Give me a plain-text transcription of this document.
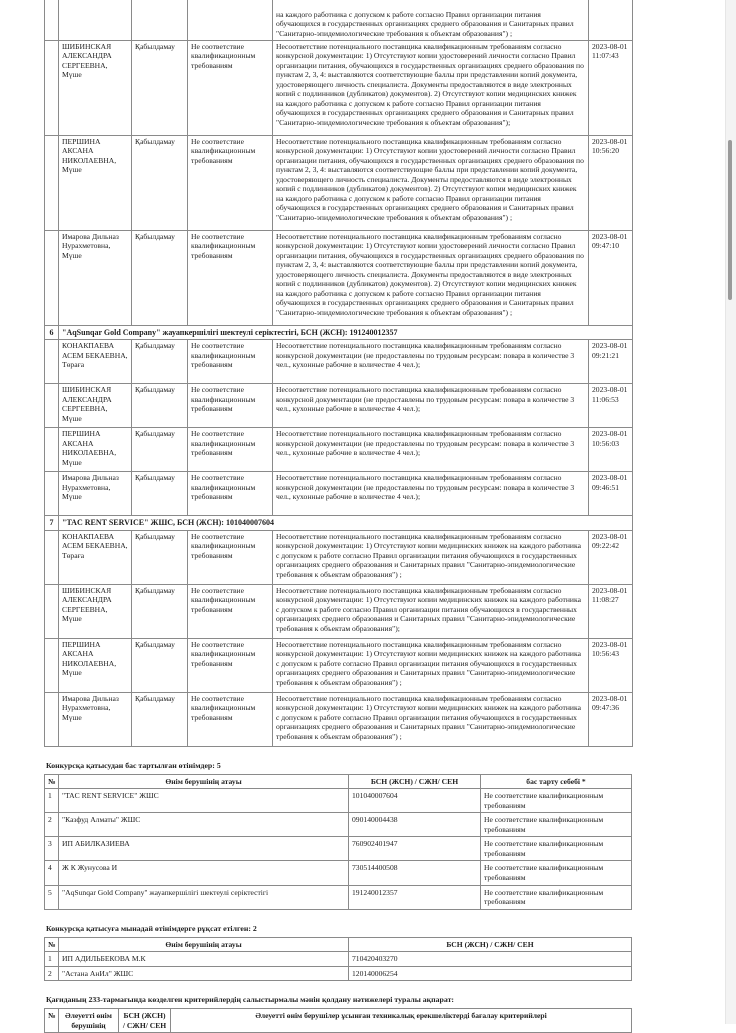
				на каждого работника с допуском к работе согласно Правил организации питания обучающихся в государственных организациях среднего образования и Санитарных правил "Санитарно-эпидемиологические требования к объектам образования") ;	
	ШИБИНСКАЯ АЛЕКСАНДРА СЕРГЕЕВНА, Мүше	Қабылдамау	Не соответствие квалификационным требованиям	Несоответствие потенциального поставщика квалификационным требованиям согласно конкурсной документации: 1) Отсутствуют копии удостоверений личности согласно Правил организации питания, обучающихся в государственных организациях среднего образования по пунктам 2, 3, 4: выставляются соответствующие баллы при представлении копий документа, удостоверяющего личность специалиста. Документы предоставляются в виде электронных копий с подлинников (дубликатов) документов). 2) Отсутствуют копии медицинских книжек на каждого работника с допуском к работе согласно Правил организации питания обучающихся в государственных организациях среднего образования и Санитарных правил "Санитарно-эпидемиологические требования к объектам образования");	2023-08-01 11:07:43
	ПЕРШИНА АКСАНА НИКОЛАЕВНА, Мүше	Қабылдамау	Не соответствие квалификационным требованиям	Несоответствие потенциального поставщика квалификационным требованиям согласно конкурсной документации: 1) Отсутствуют копии удостоверений личности согласно Правил организации питания, обучающихся в государственных организациях среднего образования по пунктам 2, 3, 4: выставляются соответствующие баллы при представлении копий документа, удостоверяющего личность специалиста. Документы предоставляются в виде электронных копий с подлинников (дубликатов) документов). 2) Отсутствуют копии медицинских книжек на каждого работника с допуском к работе согласно Правил организации питания обучающихся в государственных организациях среднего образования и Санитарных правил "Санитарно-эпидемиологические требования к объектам образования") ;	2023-08-01 10:56:20
	Имарова Дильназ Нурахметовна, Мүше	Қабылдамау	Не соответствие квалификационным требованиям	Несоответствие потенциального поставщика квалификационным требованиям согласно конкурсной документации: 1) Отсутствуют копии удостоверений личности согласно Правил организации питания, обучающихся в государственных организациях среднего образования по пунктам 2, 3, 4: выставляются соответствующие баллы при представлении копий документа, удостоверяющего личность специалиста. Документы предоставляются в виде электронных копий с подлинников (дубликатов) документов). 2) Отсутствуют копии медицинских книжек на каждого работника с допуском к работе согласно Правил организации питания обучающихся в государственных организациях среднего образования и Санитарных правил "Санитарно-эпидемиологические требования к объектам образования") ;	2023-08-01 09:47:10
6	"AqSunqar Gold Company" жауапкершілігі шектеулі серіктестігі, БСН (ЖСН): 191240012357				
	КОНАКПАЕВА АСЕМ БЕКАЕВНА, Төрағa	Қабылдамау	Не соответствие квалификационным требованиям	Несоответствие потенциального поставщика квалификационным требованиям согласно конкурсной документации (не предоставлены по трудовым ресурсам: повара в количестве 3 чел., кухонные рабочие в количестве 4 чел.);	2023-08-01 09:21:21
	ШИБИНСКАЯ АЛЕКСАНДРА СЕРГЕЕВНА, Мүше	Қабылдамау	Не соответствие квалификационным требованиям	Несоответствие потенциального поставщика квалификационным требованиям согласно конкурсной документации (не предоставлены по трудовым ресурсам: повара в количестве 3 чел., кухонные рабочие в количестве 4 чел.);	2023-08-01 11:06:53
	ПЕРШИНА АКСАНА НИКОЛАЕВНА, Мүше	Қабылдамау	Не соответствие квалификационным требованиям	Несоответствие потенциального поставщика квалификационным требованиям согласно конкурсной документации (не предоставлены по трудовым ресурсам: повара в количестве 3 чел., кухонные рабочие в количестве 4 чел.);	2023-08-01 10:56:03
	Имарова Дильназ Нурахметовна, Мүше	Қабылдамау	Не соответствие квалификационным требованиям	Несоответствие потенциального поставщика квалификационным требованиям согласно конкурсной документации (не предоставлены по трудовым ресурсам: повара в количестве 3 чел., кухонные рабочие в количестве 4 чел.);	2023-08-01 09:46:51
7	"TAC RENT SERVICE" ЖШС, БСН (ЖСН): 101040007604				
	КОНАКПАЕВА АСЕМ БЕКАЕВНА, Төрағa	Қабылдамау	Не соответствие квалификационным требованиям	Несоответствие потенциального поставщика квалификационным требованиям согласно конкурсной документации: 1) Отсутствуют копии медицинских книжек на каждого работника с допуском к работе согласно Правил организации питания обучающихся в государственных организациях среднего образования и Санитарных правил "Санитарно-эпидемиологические требования к объектам образования") ;	2023-08-01 09:22:42
	ШИБИНСКАЯ АЛЕКСАНДРА СЕРГЕЕВНА, Мүше	Қабылдамау	Не соответствие квалификационным требованиям	Несоответствие потенциального поставщика квалификационным требованиям согласно конкурсной документации: 1) Отсутствуют копии медицинских книжек на каждого работника с допуском к работе согласно Правил организации питания обучающихся в государственных организациях среднего образования и Санитарных правил "Санитарно-эпидемиологические требования к объектам образования");	2023-08-01 11:08:27
	ПЕРШИНА АКСАНА НИКОЛАЕВНА, Мүше	Қабылдамау	Не соответствие квалификационным требованиям	Несоответствие потенциального поставщика квалификационным требованиям согласно конкурсной документации: 1) Отсутствуют копии медицинских книжек на каждого работника с допуском к работе согласно Правил организации питания обучающихся в государственных организациях среднего образования и Санитарных правил "Санитарно-эпидемиологические требования к объектам образования") ;	2023-08-01 10:56:43
	Имарова Дильназ Нурахметовна, Мүше	Қабылдамау	Не соответствие квалификационным требованиям	Несоответствие потенциального поставщика квалификационным требованиям согласно конкурсной документации: 1) Отсутствуют копии медицинских книжек на каждого работника с допуском к работе согласно Правил организации питания обучающихся в государственных организациях среднего образования и Санитарных правил "Санитарно-эпидемиологические требования к объектам образования") ;	2023-08-01 09:47:36
Конкурсқа қатысудан бас тартылған өтінімдер: 5
№	Өнім берушінің атауы	БСН (ЖСН) / СЖН/ СЕН	бас тарту себебі *
1	"TAC RENT SERVICE" ЖШС	101040007604	Не соответствие квалификационным требованиям
2	"Казфуд Алматы" ЖШС	090140004438	Не соответствие квалификационным требованиям
3	ИП АБИЛКАЗИЕВА	760902401947	Не соответствие квалификационным требованиям
4	Ж К Жунусова И	730514400508	Не соответствие квалификационным требованиям
5	"AqSunqar Gold Company" жауапкершілігі шектеулі серіктестігі	191240012357	Не соответствие квалификационным требованиям
Конкурсқа қатысуға мынадай өтінімдерге рұқсат етілген: 2
№	Өнім берушінің атауы	БСН (ЖСН) / СЖН/ СЕН
1	ИП АДИЛЬБЕКОВА М.К	710420403270
2	"Астана АнИл" ЖШС	120140006254
Қағиданың 233-тармағында көзделген критерийлердің салыстырмалы мәнін қолдану нәтижелері туралы ақпарат:
№	Әлеуетті өнім берушінің	БСН (ЖСН) / СЖН/ СЕН	Әлеуетті өнім берушілер ұсынған техникалық ерекшеліктерді бағалау критерийлері
